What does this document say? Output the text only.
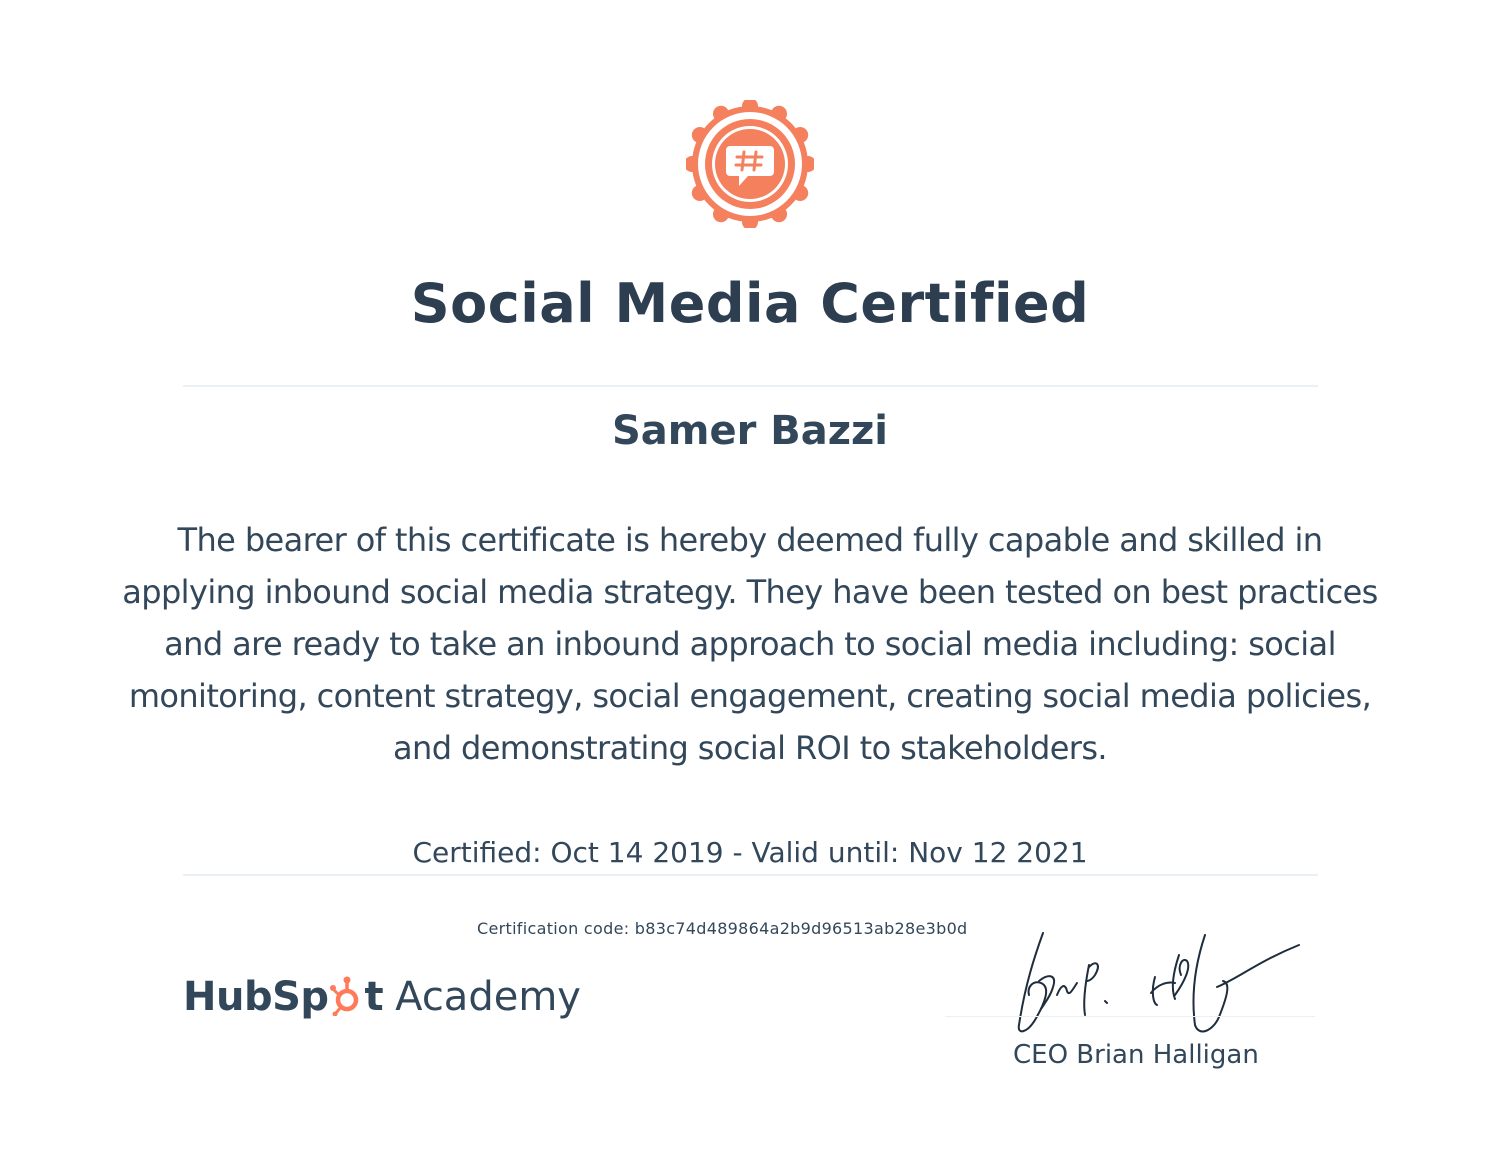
Social Media Certified
Samer Bazzi
The bearer of this certificate is hereby deemed fully capable and skilled in applying inbound social media strategy. They have been tested on best practices and are ready to take an inbound approach to social media including: social monitoring, content strategy, social engagement, creating social media policies, and demonstrating social ROI to stakeholders.
Certified: Oct 14 2019 - Valid until: Nov 12 2021
Certification code: b83c74d489864a2b9d96513ab28e3b0d
HubSp t Academy
CEO Brian Halligan
